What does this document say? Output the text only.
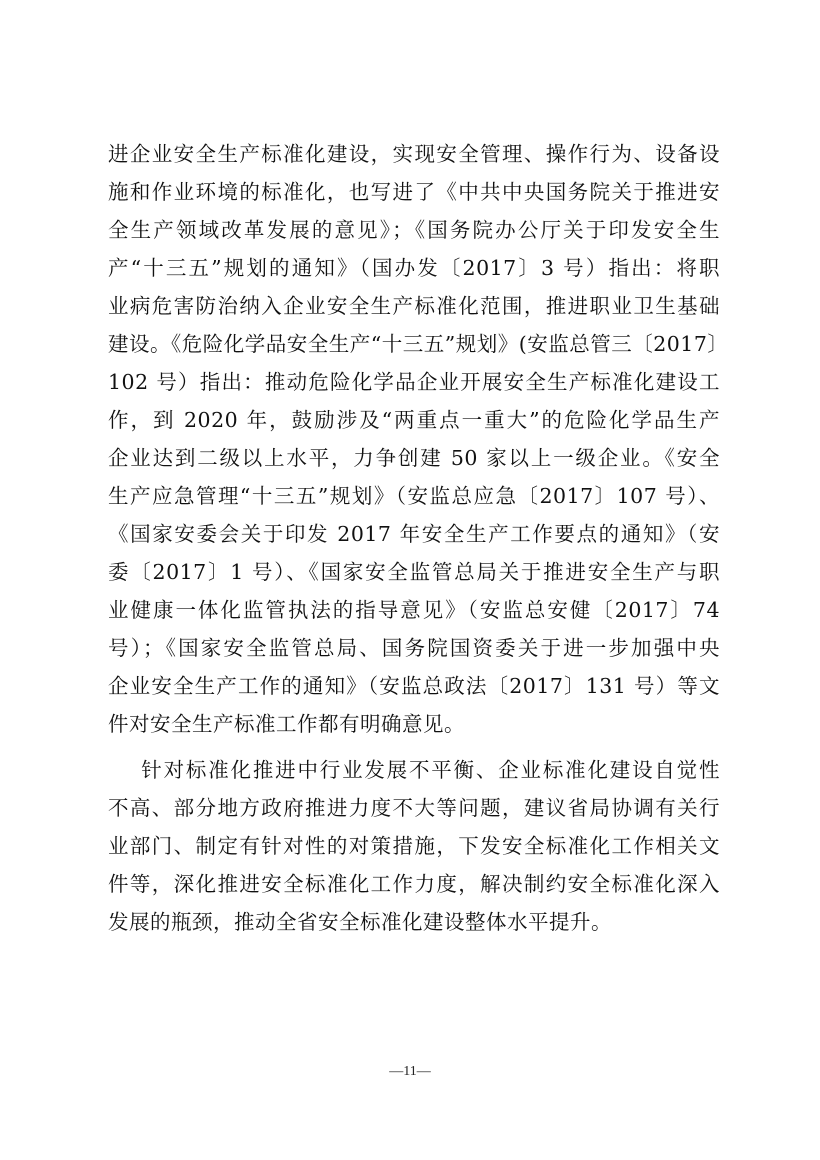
进企业安全生产标准化建设，实现安全管理、操作行为、设备设
施和作业环境的标准化，也写进了《中共中央国务院关于推进安
全生产领域改革发展的意见》；《国务院办公厅关于印发安全生
产“十三五”规划的通知》（国办发〔2017〕3 号）指出：将职
业病危害防治纳入企业安全生产标准化范围，推进职业卫生基础
建设。《危险化学品安全生产“十三五”规划》(安监总管三〔2017〕
102 号）指出：推动危险化学品企业开展安全生产标准化建设工
作，到 2020 年，鼓励涉及“两重点一重大”的危险化学品生产
企业达到二级以上水平，力争创建 50 家以上一级企业。《安全
生产应急管理“十三五”规划》（安监总应急〔2017〕107 号）、
《国家安委会关于印发 2017 年安全生产工作要点的通知》（安
委〔2017〕1 号）、《国家安全监管总局关于推进安全生产与职
业健康一体化监管执法的指导意见》（安监总安健〔2017〕74
号）；《国家安全监管总局、国务院国资委关于进一步加强中央
企业安全生产工作的通知》（安监总政法〔2017〕131 号）等文
件对安全生产标准工作都有明确意见。
针对标准化推进中行业发展不平衡、企业标准化建设自觉性
不高、部分地方政府推进力度不大等问题，建议省局协调有关行
业部门、制定有针对性的对策措施，下发安全标准化工作相关文
件等，深化推进安全标准化工作力度，解决制约安全标准化深入
发展的瓶颈，推动全省安全标准化建设整体水平提升。
—11—
